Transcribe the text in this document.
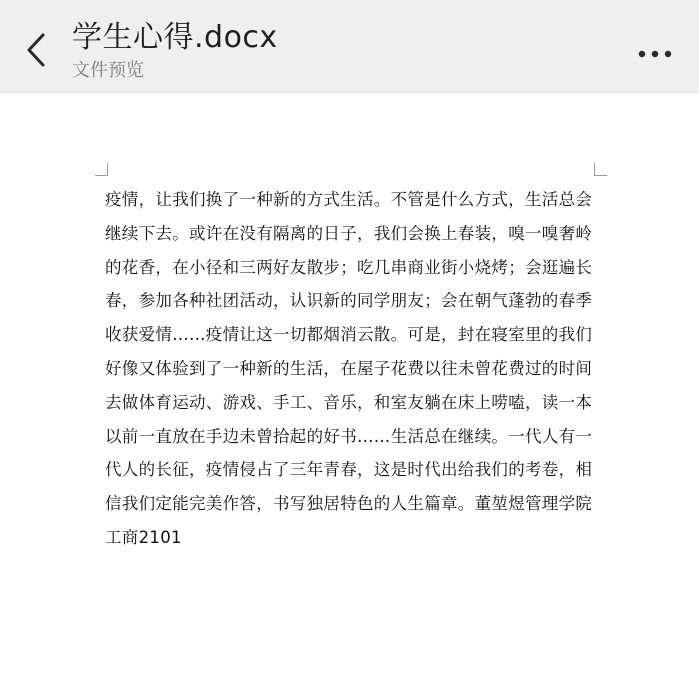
学生心得.docx
文件预览
疫情，让我们换了一种新的方式生活。不管是什么方式，生活总会
继续下去。或许在没有隔离的日子，我们会换上春装，嗅一嗅奢岭
的花香，在小径和三两好友散步；吃几串商业街小烧烤；会逛遍长
春，参加各种社团活动，认识新的同学朋友；会在朝气蓬勃的春季
收获爱情……疫情让这一切都烟消云散。可是，封在寝室里的我们
好像又体验到了一种新的生活，在屋子花费以往未曾花费过的时间
去做体育运动、游戏、手工、音乐，和室友躺在床上唠嗑，读一本
以前一直放在手边未曾拾起的好书……生活总在继续。一代人有一
代人的长征，疫情侵占了三年青春，这是时代出给我们的考卷，相
信我们定能完美作答，书写独居特色的人生篇章。董堃煜管理学院
工商2101
